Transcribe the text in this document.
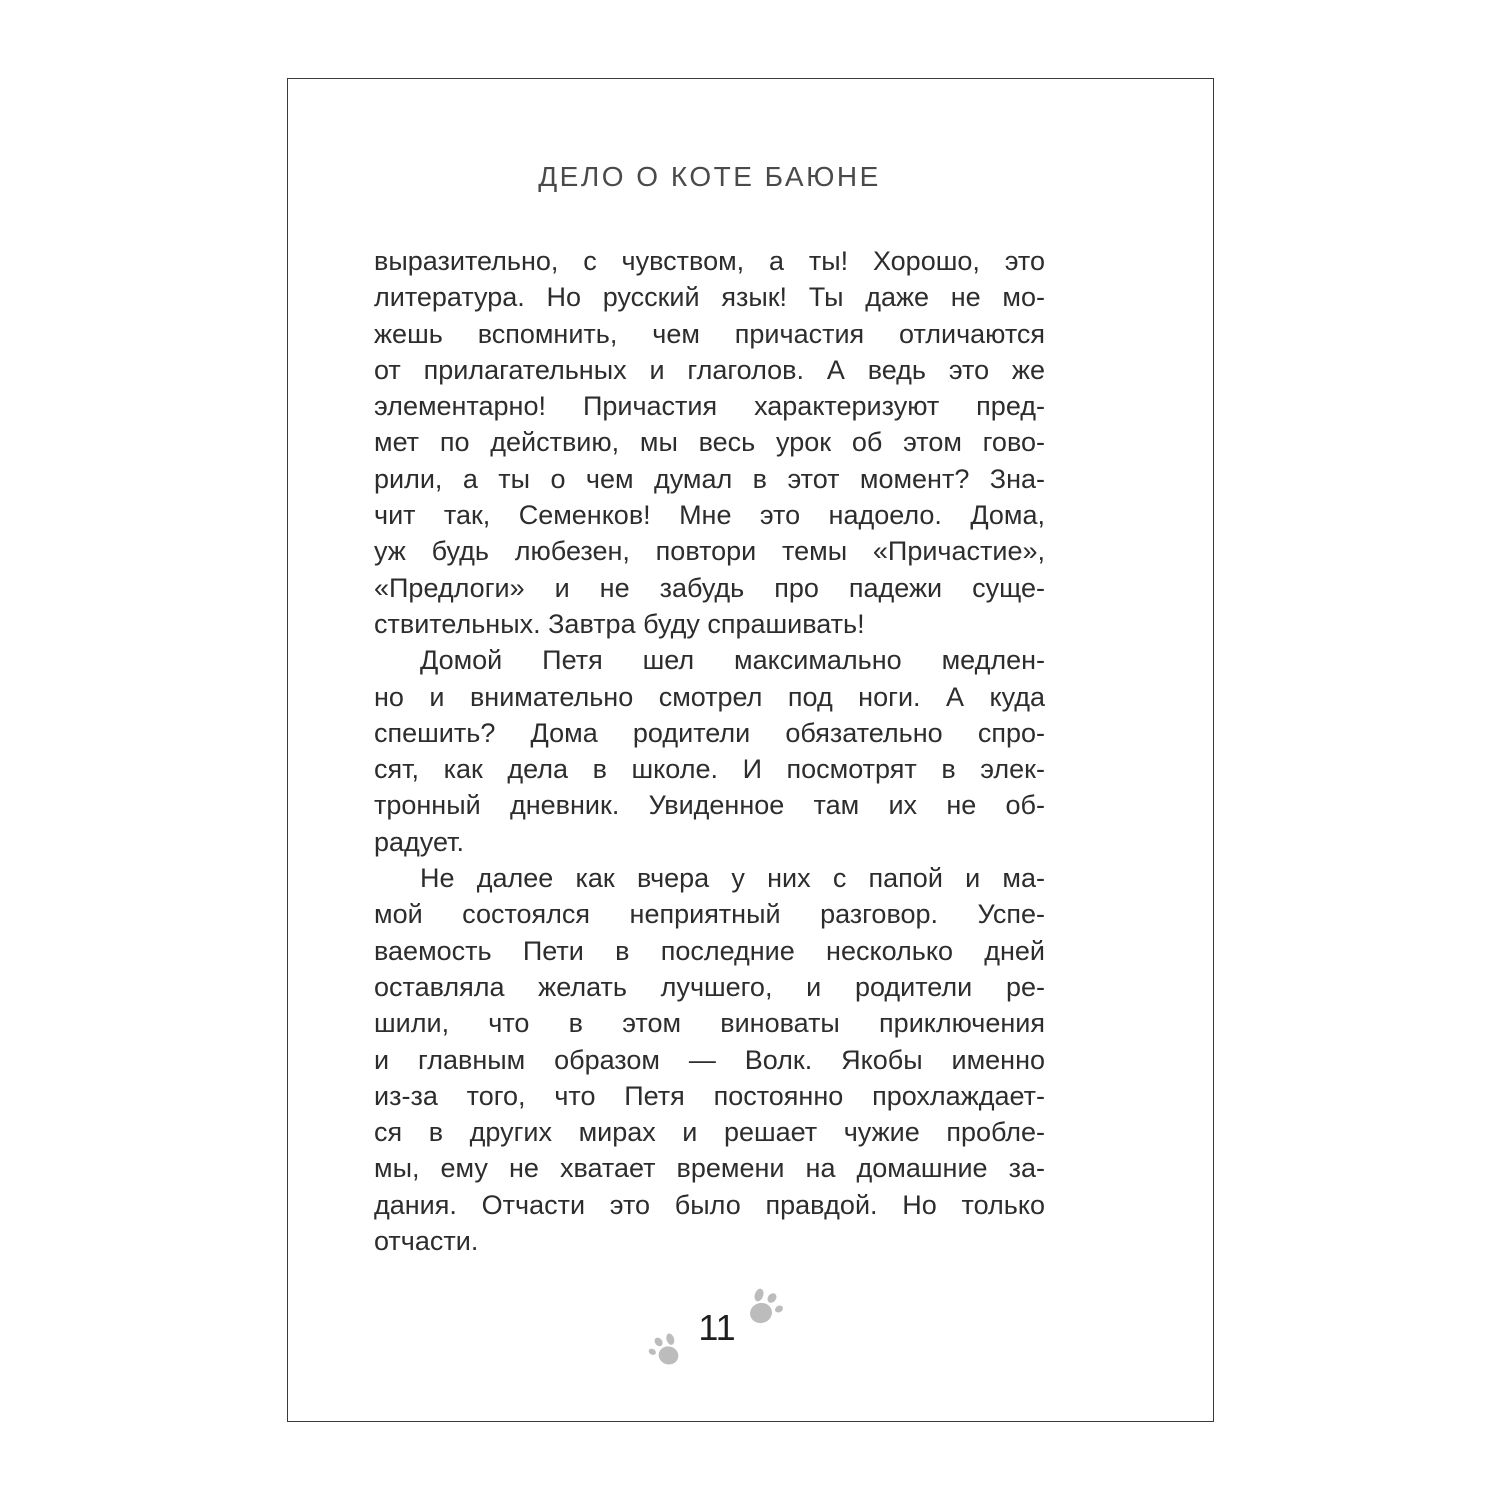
ДЕЛО О КОТЕ БАЮНЕ
выразительно, с чувством, а ты! Хорошо, это
литература. Но русский язык! Ты даже не мо-
жешь вспомнить, чем причастия отличаются
от прилагательных и глаголов. А ведь это же
элементарно! Причастия характеризуют пред-
мет по действию, мы весь урок об этом гово-
рили, а ты о чем думал в этот момент? Зна-
чит так, Семенков! Мне это надоело. Дома,
уж будь любезен, повтори темы «Причастие»,
«Предлоги» и не забудь про падежи суще-
ствительных. Завтра буду спрашивать!
Домой Петя шел максимально медлен-
но и внимательно смотрел под ноги. А куда
спешить? Дома родители обязательно спро-
сят, как дела в школе. И посмотрят в элек-
тронный дневник. Увиденное там их не об-
радует.
Не далее как вчера у них с папой и ма-
мой состоялся неприятный разговор. Успе-
ваемость Пети в последние несколько дней
оставляла желать лучшего, и родители ре-
шили, что в этом виноваты приключения
и главным образом — Волк. Якобы именно
из-за того, что Петя постоянно прохлаждает-
ся в других мирах и решает чужие пробле-
мы, ему не хватает времени на домашние за-
дания. Отчасти это было правдой. Но только
отчасти.
11
